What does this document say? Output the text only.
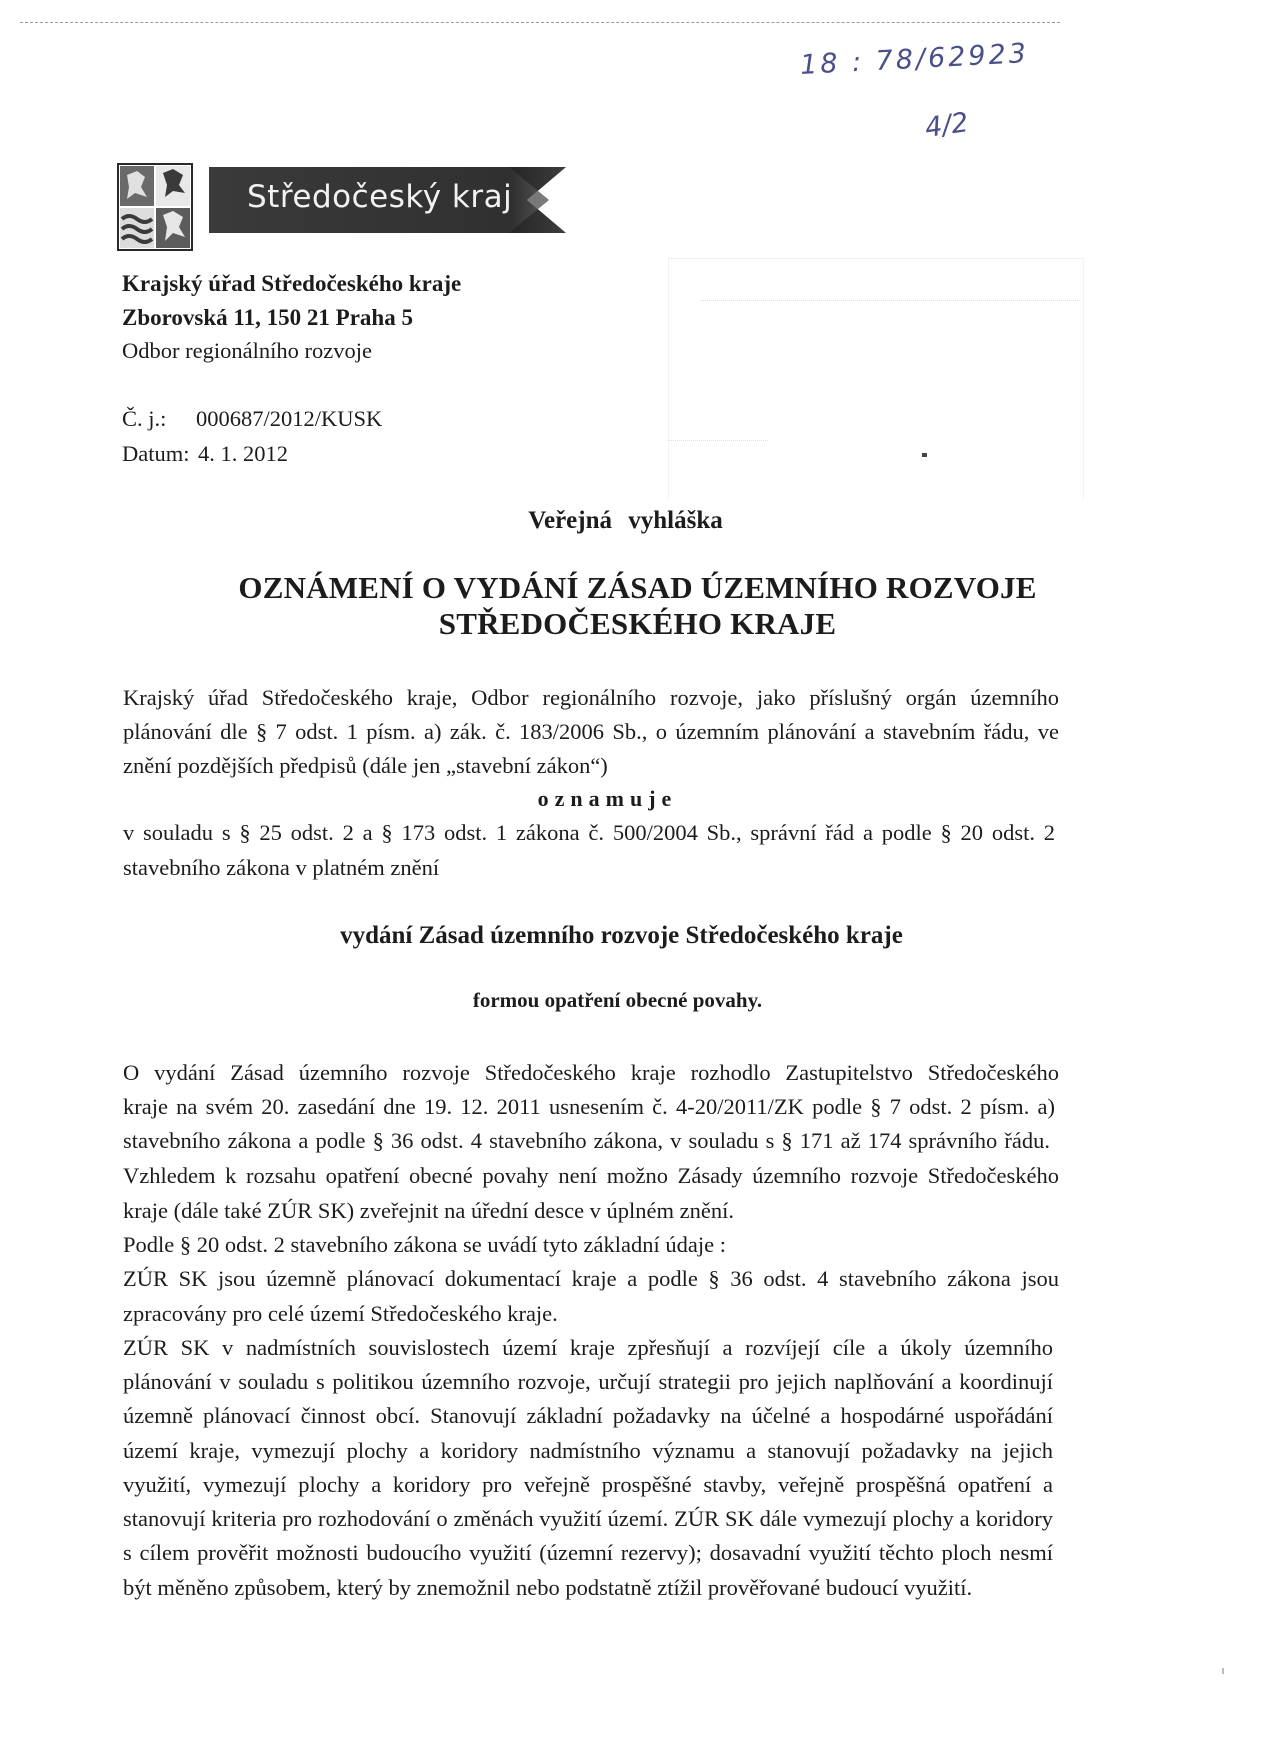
18 : 78/62923
4/2
Středočeský kraj
Krajský úřad Středočeského kraje
Zborovská 11, 150 21 Praha 5
Odbor regionálního rozvoje
Č. j.: 000687/2012/KUSK
Datum: 4. 1. 2012
Veřejná vyhláška
OZNÁMENÍ O VYDÁNÍ ZÁSAD ÚZEMNÍHO ROZVOJE
STŘEDOČESKÉHO KRAJE
Krajský úřad Středočeského kraje, Odbor regionálního rozvoje, jako příslušný orgán územního
plánování dle § 7 odst. 1 písm. a) zák. č. 183/2006 Sb., o územním plánování a stavebním řádu, ve
znění pozdějších předpisů (dále jen „stavební zákon“)
oznamuje
v souladu s § 25 odst. 2 a § 173 odst. 1 zákona č. 500/2004 Sb., správní řád a podle § 20 odst. 2
stavebního zákona v platném znění
vydání Zásad územního rozvoje Středočeského kraje
formou opatření obecné povahy.
O vydání Zásad územního rozvoje Středočeského kraje rozhodlo Zastupitelstvo Středočeského
kraje na svém 20. zasedání dne 19. 12. 2011 usnesením č. 4-20/2011/ZK podle § 7 odst. 2 písm. a)
stavebního zákona a podle § 36 odst. 4 stavebního zákona, v souladu s § 171 až 174 správního řádu.
Vzhledem k rozsahu opatření obecné povahy není možno Zásady územního rozvoje Středočeského
kraje (dále také ZÚR SK) zveřejnit na úřední desce v úplném znění.
Podle § 20 odst. 2 stavebního zákona se uvádí tyto základní údaje :
ZÚR SK jsou územně plánovací dokumentací kraje a podle § 36 odst. 4 stavebního zákona jsou
zpracovány pro celé území Středočeského kraje.
ZÚR SK v nadmístních souvislostech území kraje zpřesňují a rozvíjejí cíle a úkoly územního
plánování v souladu s politikou územního rozvoje, určují strategii pro jejich naplňování a koordinují
územně plánovací činnost obcí. Stanovují základní požadavky na účelné a hospodárné uspořádání
území kraje, vymezují plochy a koridory nadmístního významu a stanovují požadavky na jejich
využití, vymezují plochy a koridory pro veřejně prospěšné stavby, veřejně prospěšná opatření a
stanovují kriteria pro rozhodování o změnách využití území. ZÚR SK dále vymezují plochy a koridory
s cílem prověřit možnosti budoucího využití (územní rezervy); dosavadní využití těchto ploch nesmí
být měněno způsobem, který by znemožnil nebo podstatně ztížil prověřované budoucí využití.
